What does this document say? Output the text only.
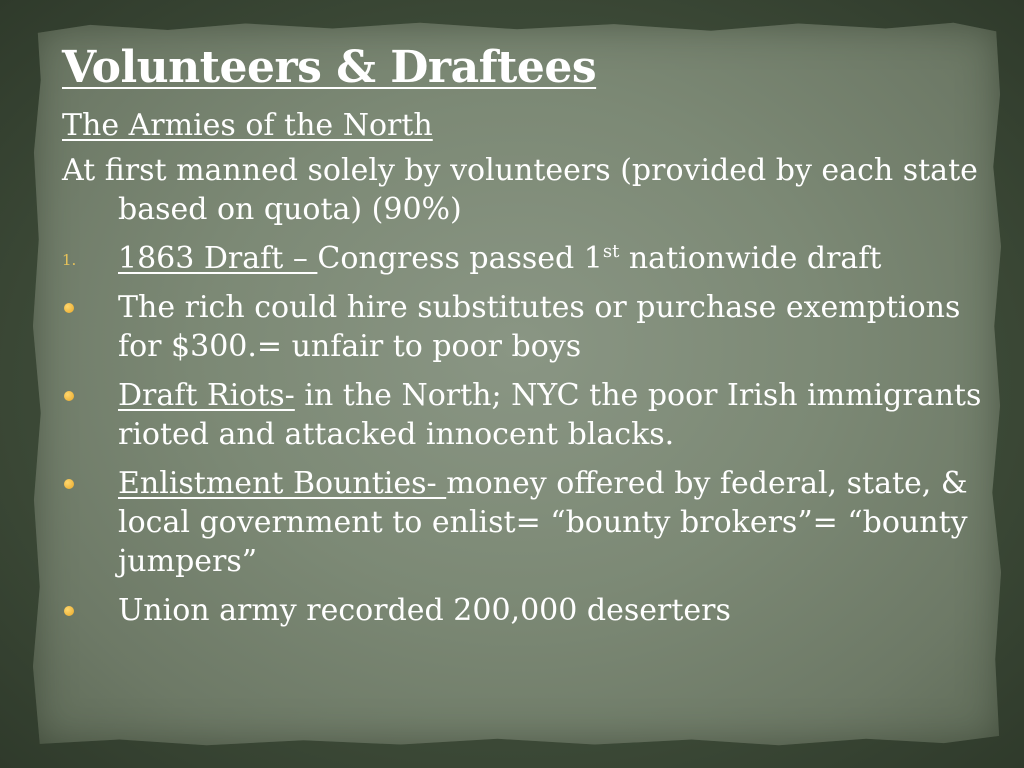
Volunteers & Draftees

The Armies of the North

At first manned solely by volunteers (provided by each state based on quota) (90%)

1. 1863 Draft – Congress passed 1st nationwide draft
The rich could hire substitutes or purchase exemptions for $300.= unfair to poor boys
Draft Riots- in the North; NYC the poor Irish immigrants rioted and attacked innocent blacks.
Enlistment Bounties- money offered by federal, state, & local government to enlist= “bounty brokers”= “bounty jumpers”
Union army recorded 200,000 deserters
